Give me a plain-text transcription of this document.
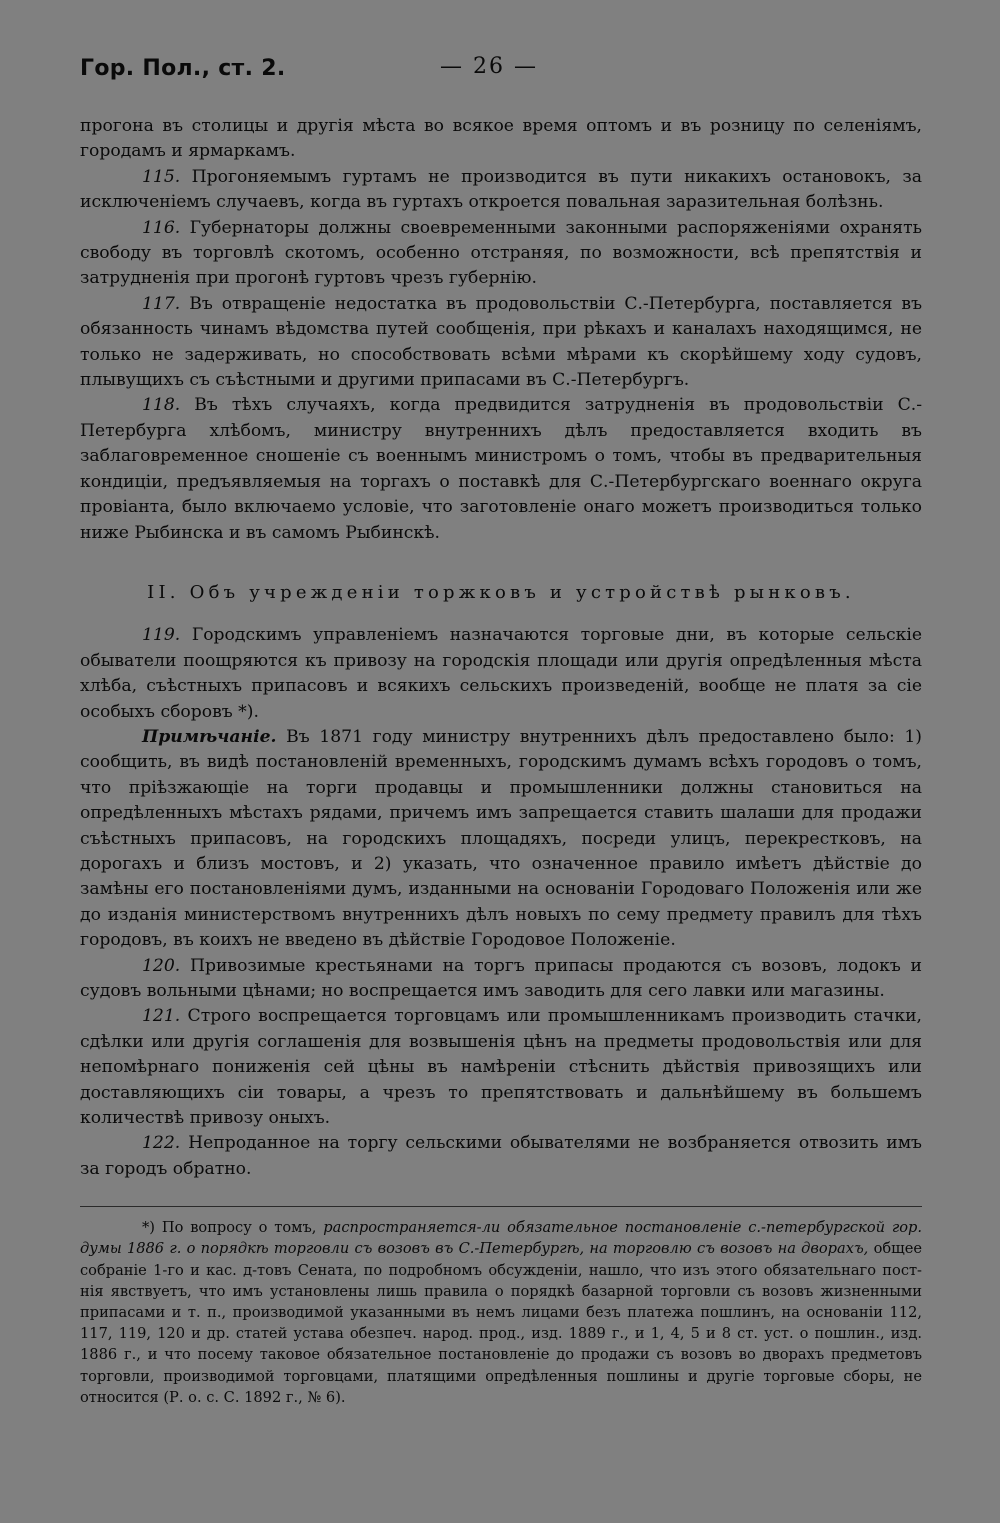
Гор. Пол., ст. 2.	— 26 —

прогона въ столицы и другія мѣста во всякое время оптомъ и въ розницу по селеніямъ, городамъ и ярмаркамъ.

115. Прогоняемымъ гуртамъ не производится въ пути никакихъ остановокъ, за исключеніемъ случаевъ, когда въ гуртахъ откроется повальная заразительная болѣзнь.

116. Губернаторы должны своевременными законными распоряженіями охранять свободу въ торговлѣ скотомъ, особенно отстраняя, по возможности, всѣ препятствія и затрудненія при прогонѣ гуртовъ чрезъ губернію.

117. Въ отвращеніе недостатка въ продовольствіи С.-Петербурга, поставляется въ обязанность чинамъ вѣдомства путей сообщенія, при рѣкахъ и каналахъ находящимся, не только не задерживать, но способствовать всѣми мѣрами къ скорѣйшему ходу судовъ, плывущихъ съ съѣстными и другими припасами въ С.-Петербургъ.

118. Въ тѣхъ случаяхъ, когда предвидится затрудненія въ продовольствіи С.-Петербурга хлѣбомъ, министру внутреннихъ дѣлъ предоставляется входить въ заблаговременное сношеніе съ военнымъ министромъ о томъ, чтобы въ предварительныя кондиціи, предъявляемыя на торгахъ о поставкѣ для С.-Петербургскаго военнаго округа провіанта, было включаемо условіе, что заготовленіе онаго можетъ производиться только ниже Рыбинска и въ самомъ Рыбинскѣ.

II. Объ учрежденіи торжковъ и устройствѣ рынковъ.

119. Городскимъ управленіемъ назначаются торговые дни, въ которые сельскіе обыватели поощряются къ привозу на городскія площади или другія опредѣленныя мѣста хлѣба, съѣстныхъ припасовъ и всякихъ сельскихъ произведеній, вообще не платя за сіе особыхъ сборовъ *).

Примѣчаніе. Въ 1871 году министру внутреннихъ дѣлъ предоставлено было: 1) сообщить, въ видѣ постановленій временныхъ, городскимъ думамъ всѣхъ городовъ о томъ, что пріѣзжающіе на торги продавцы и промышленники должны становиться на опредѣленныхъ мѣстахъ рядами, причемъ имъ запрещается ставить шалаши для продажи съѣстныхъ припасовъ, на городскихъ площадяхъ, посреди улицъ, перекрестковъ, на дорогахъ и близъ мостовъ, и 2) указать, что означенное правило имѣетъ дѣйствіе до замѣны его постановленіями думъ, изданными на основаніи Городоваго Положенія или же до изданія министерствомъ внутреннихъ дѣлъ новыхъ по сему предмету правилъ для тѣхъ городовъ, въ коихъ не введено въ дѣйствіе Городовое Положеніе.

120. Привозимые крестьянами на торгъ припасы продаются съ возовъ, лодокъ и судовъ вольными цѣнами; но воспрещается имъ заводить для сего лавки или магазины.

121. Строго воспрещается торговцамъ или промышленникамъ производить стачки, сдѣлки или другія соглашенія для возвышенія цѣнъ на предметы продовольствія или для непомѣрнаго пониженія сей цѣны въ намѣреніи стѣснить дѣйствія привозящихъ или доставляющихъ сіи товары, а чрезъ то препятствовать и дальнѣйшему въ большемъ количествѣ привозу оныхъ.

122. Непроданное на торгу сельскими обывателями не возбраняется отвозить имъ за городъ обратно.

*) По вопросу о томъ, распространяется-ли обязательное постановленіе с.-петербургской гор. думы 1886 г. о порядкѣ торговли съ возовъ въ С.-Петербургѣ, на торговлю съ возовъ на дворахъ, общее собраніе 1-го и кас. д-товъ Сената, по подробномъ обсужденіи, нашло, что изъ этого обязательнаго пост-нія явствуетъ, что имъ установлены лишь правила о порядкѣ базарной торговли съ возовъ жизненными припасами и т. п., производимой указанными въ немъ лицами безъ платежа пошлинъ, на основаніи 112, 117, 119, 120 и др. статей устава обезпеч. народ. прод., изд. 1889 г., и 1, 4, 5 и 8 ст. уст. о пошлин., изд. 1886 г., и что посему таковое обязательное постановленіе до продажи съ возовъ во дворахъ предметовъ торговли, производимой торговцами, платящими опредѣленныя пошлины и другіе торговые сборы, не относится (Р. о. с. С. 1892 г., № 6).
